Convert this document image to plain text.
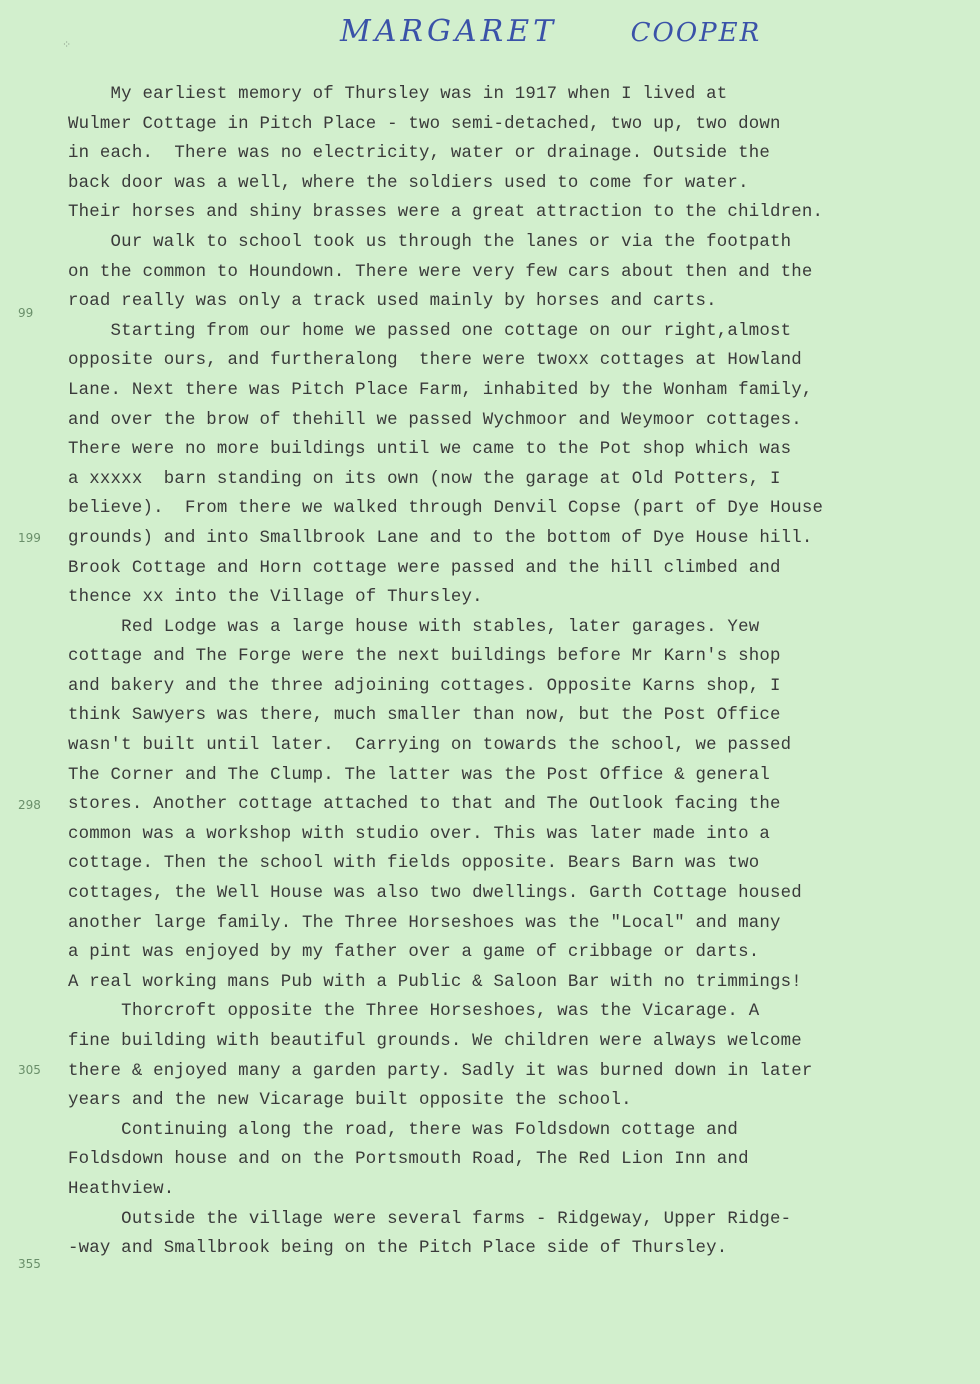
⁘	MARGARET	COOPER
99
199
298
305
355
My earliest memory of Thursley was in 1917 when I lived at
Wulmer Cottage in Pitch Place - two semi-detached, two up, two down
in each.  There was no electricity, water or drainage. Outside the
back door was a well, where the soldiers used to come for water.
Their horses and shiny brasses were a great attraction to the children.
Our walk to school took us through the lanes or via the footpath
on the common to Houndown. There were very few cars about then and the
road really was only a track used mainly by horses and carts.
Starting from our home we passed one cottage on our right,almost
opposite ours, and furtheralong  there were twoxx cottages at Howland
Lane. Next there was Pitch Place Farm, inhabited by the Wonham family,
and over the brow of thehill we passed Wychmoor and Weymoor cottages.
There were no more buildings until we came to the Pot shop which was
a xxxxx  barn standing on its own (now the garage at Old Potters, I
believe).  From there we walked through Denvil Copse (part of Dye House
grounds) and into Smallbrook Lane and to the bottom of Dye House hill.
Brook Cottage and Horn cottage were passed and the hill climbed and
thence xx into the Village of Thursley.
Red Lodge was a large house with stables, later garages. Yew
cottage and The Forge were the next buildings before Mr Karn's shop
and bakery and the three adjoining cottages. Opposite Karns shop, I
think Sawyers was there, much smaller than now, but the Post Office
wasn't built until later.  Carrying on towards the school, we passed
The Corner and The Clump. The latter was the Post Office & general
stores. Another cottage attached to that and The Outlook facing the
common was a workshop with studio over. This was later made into a
cottage. Then the school with fields opposite. Bears Barn was two
cottages, the Well House was also two dwellings. Garth Cottage housed
another large family. The Three Horseshoes was the "Local" and many
a pint was enjoyed by my father over a game of cribbage or darts.
A real working mans Pub with a Public & Saloon Bar with no trimmings!
Thorcroft opposite the Three Horseshoes, was the Vicarage. A
fine building with beautiful grounds. We children were always welcome
there & enjoyed many a garden party. Sadly it was burned down in later
years and the new Vicarage built opposite the school.
Continuing along the road, there was Foldsdown cottage and
Foldsdown house and on the Portsmouth Road, The Red Lion Inn and
Heathview.
Outside the village were several farms - Ridgeway, Upper Ridge-
-way and Smallbrook being on the Pitch Place side of Thursley.
